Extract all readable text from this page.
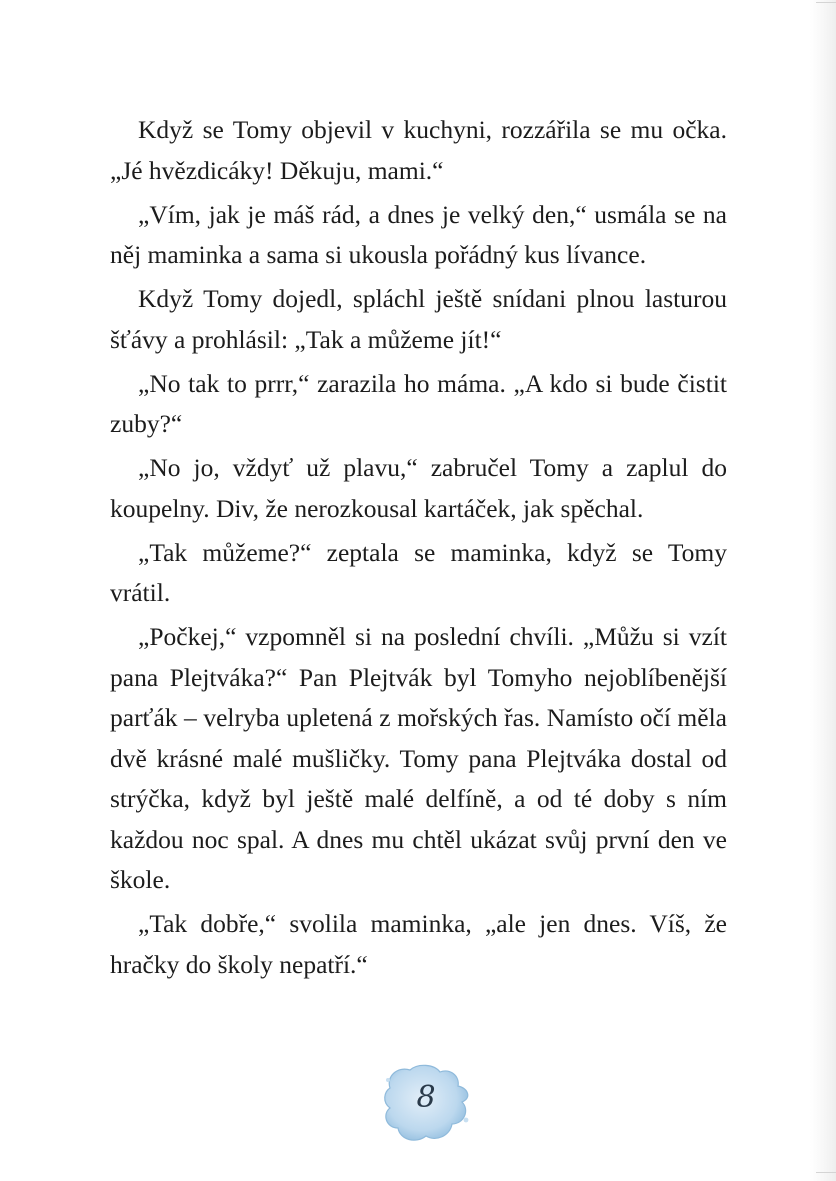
Když se Tomy objevil v kuchyni, rozzářila se mu očka. „Jé hvězdicáky! Děkuju, mami.“

„Vím, jak je máš rád, a dnes je velký den,“ usmála se na něj maminka a sama si ukousla pořádný kus lívance.

Když Tomy dojedl, spláchl ještě snídani plnou lasturou šťávy a prohlásil: „Tak a můžeme jít!“

„No tak to prrr,“ zarazila ho máma. „A kdo si bude čistit zuby?“

„No jo, vždyť už plavu,“ zabručel Tomy a zaplul do koupelny. Div, že nerozkousal kartáček, jak spěchal.

„Tak můžeme?“ zeptala se maminka, když se Tomy vrátil.

„Počkej,“ vzpomněl si na poslední chvíli. „Můžu si vzít pana Plejtváka?“ Pan Plejtvák byl Tomyho nejoblíbenější parťák – velryba upletená z mořských řas. Namísto očí měla dvě krásné malé mušličky. Tomy pana Plejtváka dostal od strýčka, když byl ještě malé delfíně, a od té doby s ním každou noc spal. A dnes mu chtěl ukázat svůj první den ve škole.

„Tak dobře,“ svolila maminka, „ale jen dnes. Víš, že hračky do školy nepatří.“

8
